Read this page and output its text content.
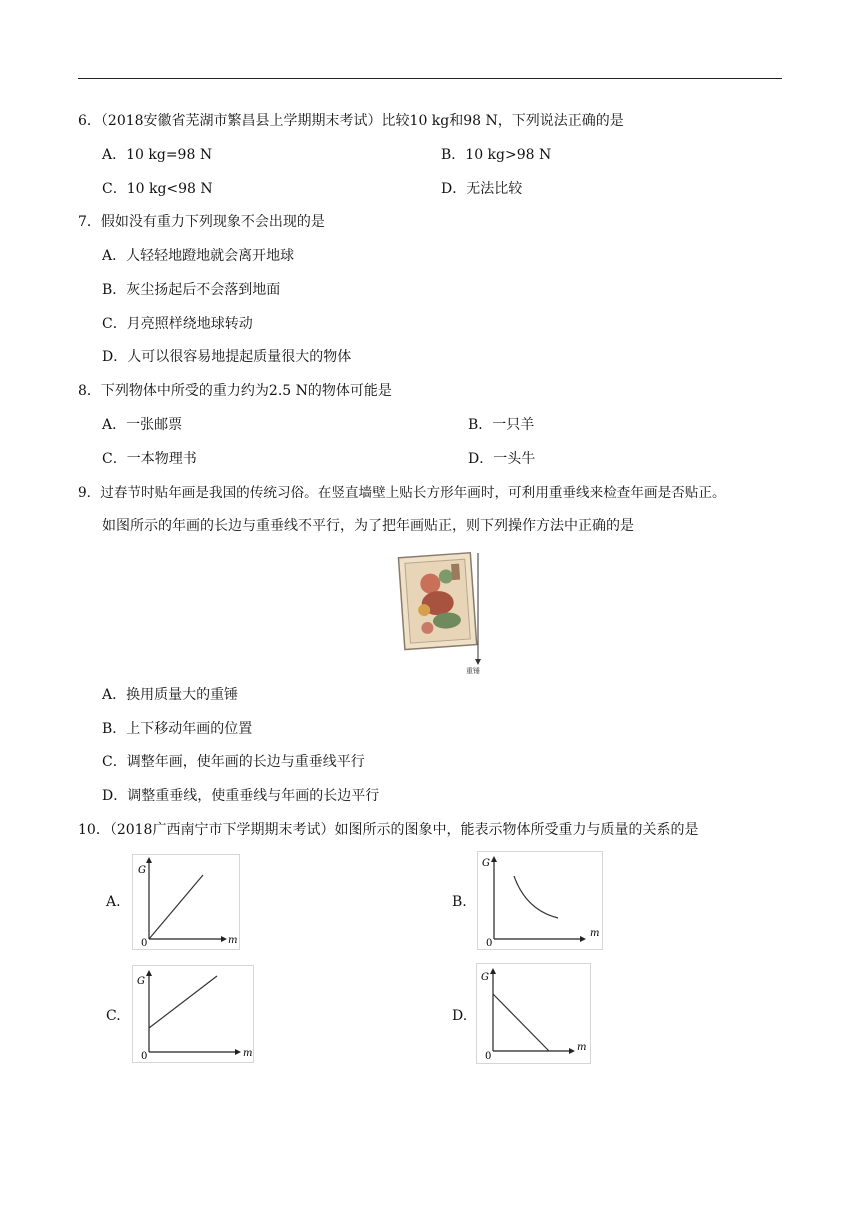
6．（2018安徽省芜湖市繁昌县上学期期末考试）比较10 kg和98 N，下列说法正确的是
A．10 kg=98 N	B．10 kg>98 N
C．10 kg<98 N	D．无法比较
7．假如没有重力下列现象不会出现的是
A．人轻轻地蹬地就会离开地球
B．灰尘扬起后不会落到地面
C．月亮照样绕地球转动
D．人可以很容易地提起质量很大的物体
8．下列物体中所受的重力约为2.5 N的物体可能是
A．一张邮票	B．一只羊
C．一本物理书	D．一头牛
9．过春节时贴年画是我国的传统习俗。在竖直墙壁上贴长方形年画时，可利用重垂线来检查年画是否贴正。
如图所示的年画的长边与重垂线不平行，为了把年画贴正，则下列操作方法中正确的是
重锤
A．换用质量大的重锤
B．上下移动年画的位置
C．调整年画，使年画的长边与重垂线平行
D．调整重垂线，使重垂线与年画的长边平行
10．（2018广西南宁市下学期期末考试）如图所示的图象中，能表示物体所受重力与质量的关系的是
A.
G
m
0
B.
G
m
0
C.
G
m
0
D.
G
m
0
